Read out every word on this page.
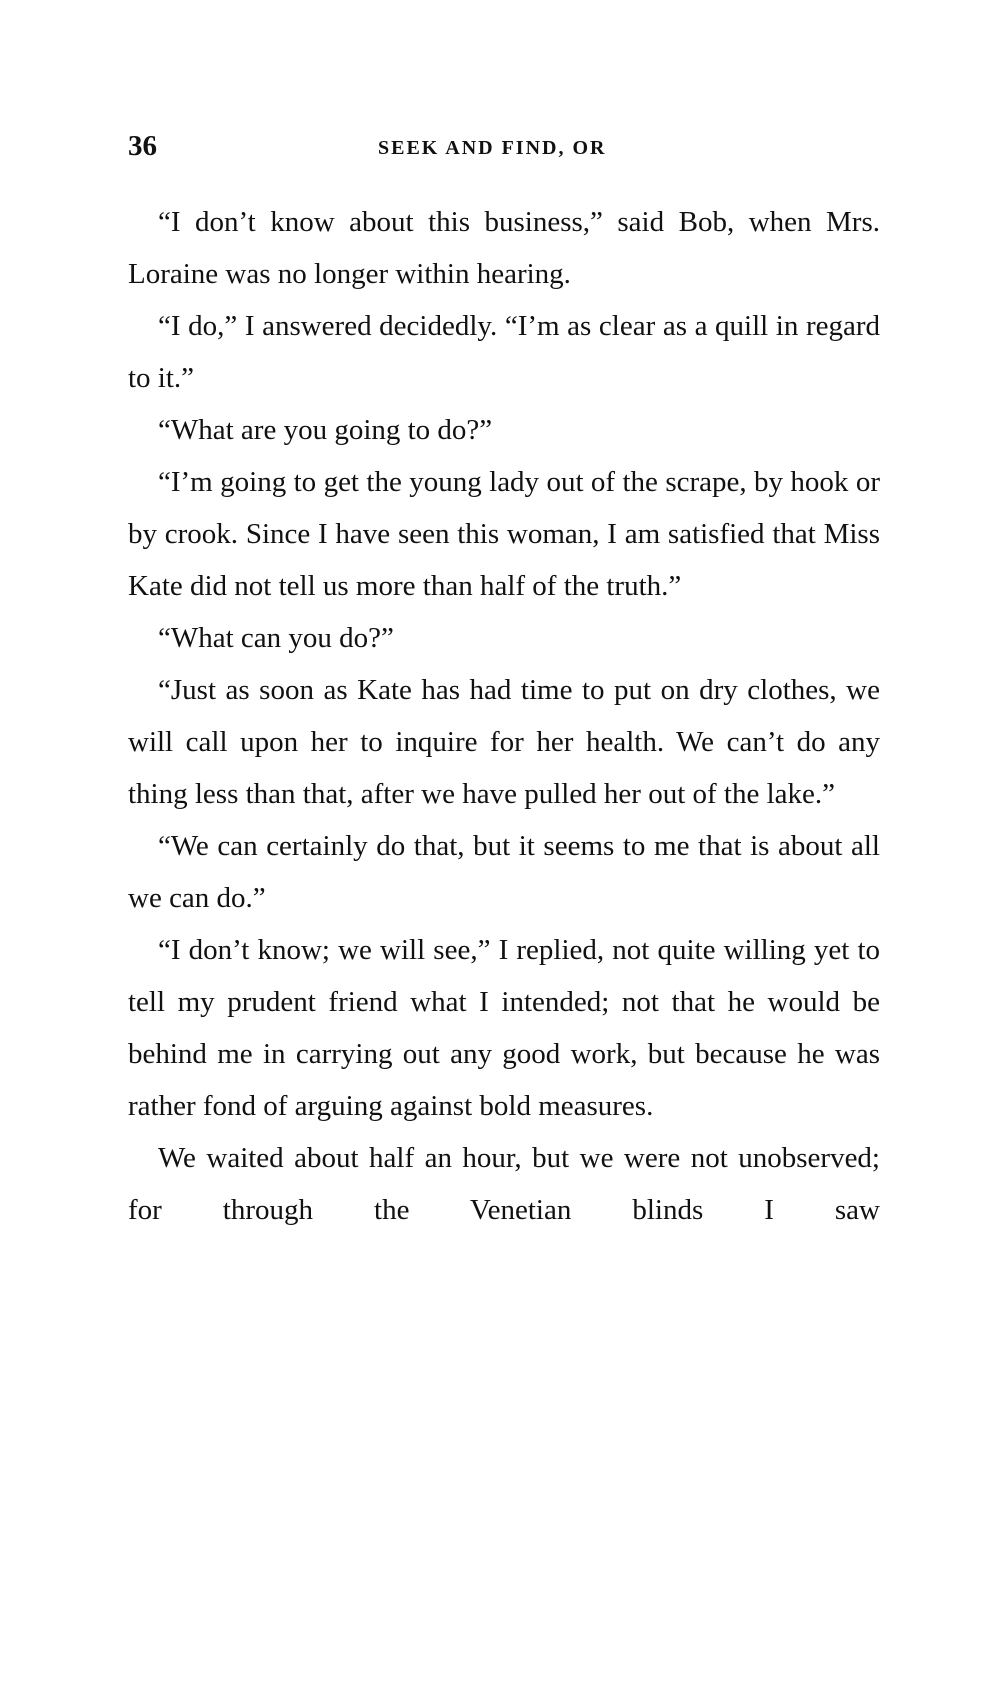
36	SEEK AND FIND, OR

“I don’t know about this business,” said Bob, when Mrs. Loraine was no longer within hearing.

“I do,” I answered decidedly. “I’m as clear as a quill in regard to it.”

“What are you going to do?”

“I’m going to get the young lady out of the scrape, by hook or by crook. Since I have seen this woman, I am satisfied that Miss Kate did not tell us more than half of the truth.”

“What can you do?”

“Just as soon as Kate has had time to put on dry clothes, we will call upon her to inquire for her health. We can’t do any thing less than that, after we have pulled her out of the lake.”

“We can certainly do that, but it seems to me that is about all we can do.”

“I don’t know; we will see,” I replied, not quite willing yet to tell my prudent friend what I intended; not that he would be behind me in carrying out any good work, but because he was rather fond of arguing against bold measures.

We waited about half an hour, but we were not unobserved; for through the Venetian blinds I saw
